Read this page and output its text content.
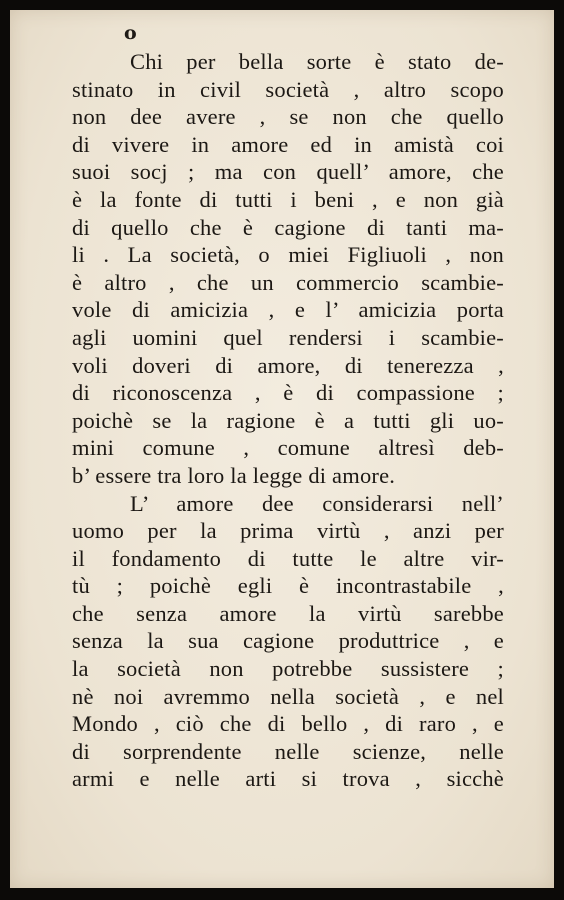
o
Chi per bella sorte è stato de-
stinato in civil società , altro scopo
non dee avere , se non che quello
di vivere in amore ed in amistà coi
suoi socj ; ma con quell’ amore, che
è la fonte di tutti i beni , e non già
di quello che è cagione di tanti ma-
li . La società, o miei Figliuoli , non
è altro , che un commercio scambie-
vole di amicizia , e l’ amicizia porta
agli uomini quel rendersi i scambie-
voli doveri di amore, di tenerezza ,
di riconoscenza , è di compassione ;
poichè se la ragione è a tutti gli uo-
mini comune , comune altresì deb-
b’ essere tra loro la legge di amore.
L’ amore dee considerarsi nell’
uomo per la prima virtù , anzi per
il fondamento di tutte le altre vir-
tù ; poichè egli è incontrastabile ,
che senza amore la virtù sarebbe
senza la sua cagione produttrice , e
la società non potrebbe sussistere ;
nè noi avremmo nella società , e nel
Mondo , ciò che di bello , di raro , e
di sorprendente nelle scienze, nelle
armi e nelle arti si trova , sicchè
